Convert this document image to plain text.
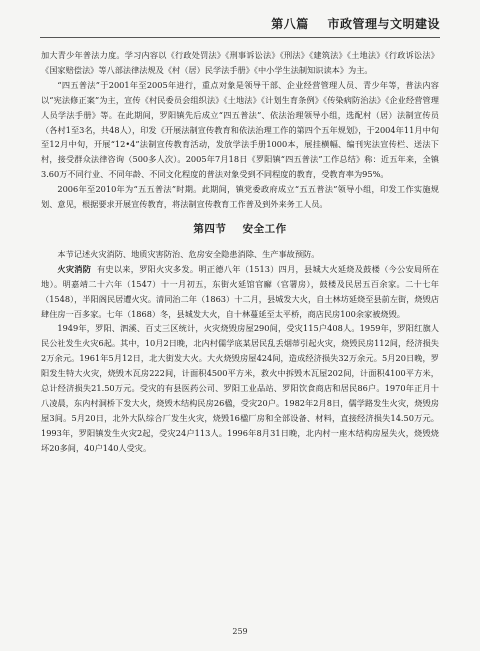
第八篇 市政管理与文明建设

加大青少年普法力度。学习内容以《行政处罚法》《刑事诉讼法》《刑法》《建筑法》《土地法》《行政诉讼法》《国家赔偿法》等八部法律法规及《村（居）民学法手册》《中小学生法制知识读本》为主。

“四五普法”于2001年至2005年进行，重点对象是领导干部、企业经营管理人员、青少年等，普法内容以“宪法修正案”为主，宣传《村民委员会组织法》《土地法》《计划生育条例》《传染病防治法》《企业经营管理人员学法手册》等。在此期间，罗阳镇先后成立“四五普法”、依法治理领导小组，选配村（居）法制宣传员（各村1至3名，共48人），印发《开展法制宣传教育和依法治理工作的第四个五年规划》，于2004年11月中旬至12月中旬，开展“12•4”法制宣传教育活动，发放学法手册1000本，展挂横幅、编刊宪法宣传栏、送法下村，接受群众法律咨询（500多人次）。2005年7月18日《罗阳镇“四五普法”工作总结》称：近五年来，全镇3.60万不同行业、不同年龄、不同文化程度的普法对象受到不同程度的教育，受教育率为95%。

2006年至2010年为“五五普法”时期。此期间，镇党委政府成立“五五普法”领导小组，印发工作实施规划、意见，根据要求开展宣传教育，将法制宣传教育工作普及到外来务工人员。

第四节 安全工作

本节记述火灾消防、地质灾害防治、危房安全隐患消除、生产事故预防。

火灾消防 有史以来，罗阳火灾多发。明正德八年（1513）四月，县城大火延烧及鼓楼（今公安局所在地）。明嘉靖二十六年（1547）十一月初五，东街火延馆官廨（官署房），鼓楼及民居五百余家。二十七年（1548），半阳阁民居遭火灾。清同治二年（1863）十二月，县城发大火，自土林坊延烧至县前左街，烧毁店肆住房一百多家。七年（1868）冬，县城发大火，自十林蔓延至太平桥，商店民房100余家被烧毁。

1949年，罗阳、泗溪、百丈三区统计，火灾烧毁房屋290间，受灾115户408人。1959年，罗阳红旗人民公社发生火灾6起。其中，10月2日晚，北内村儒学底某居民乱丢烟蒂引起火灾，烧毁民房112间，经济损失2万余元。1961年5月12日，北大街发大火。大火烧毁房屋424间，造成经济损失32万余元。5月20日晚，罗阳发生特大火灾，烧毁木瓦房222间，计面积4500平方米，救火中拆毁木瓦屋202间，计面积4100平方米，总计经济损失21.50万元。受灾的有县医药公司、罗阳工业品站、罗阳饮食商店和居民86户。1970年正月十八凌晨，东内村洞桥下发大火，烧毁木结构民房26楹，受灾20户。1982年2月8日，儒学路发生火灾，烧毁房屋3间。5月20日，北外大队综合厂发生火灾，烧毁16楹厂房和全部设备、材料，直接经济损失14.50万元。1993年，罗阳镇发生火灾2起，受灾24户113人。1996年8月31日晚，北内村一座木结构房屋失火，烧毁烧坏20多间，40户140人受灾。

259
